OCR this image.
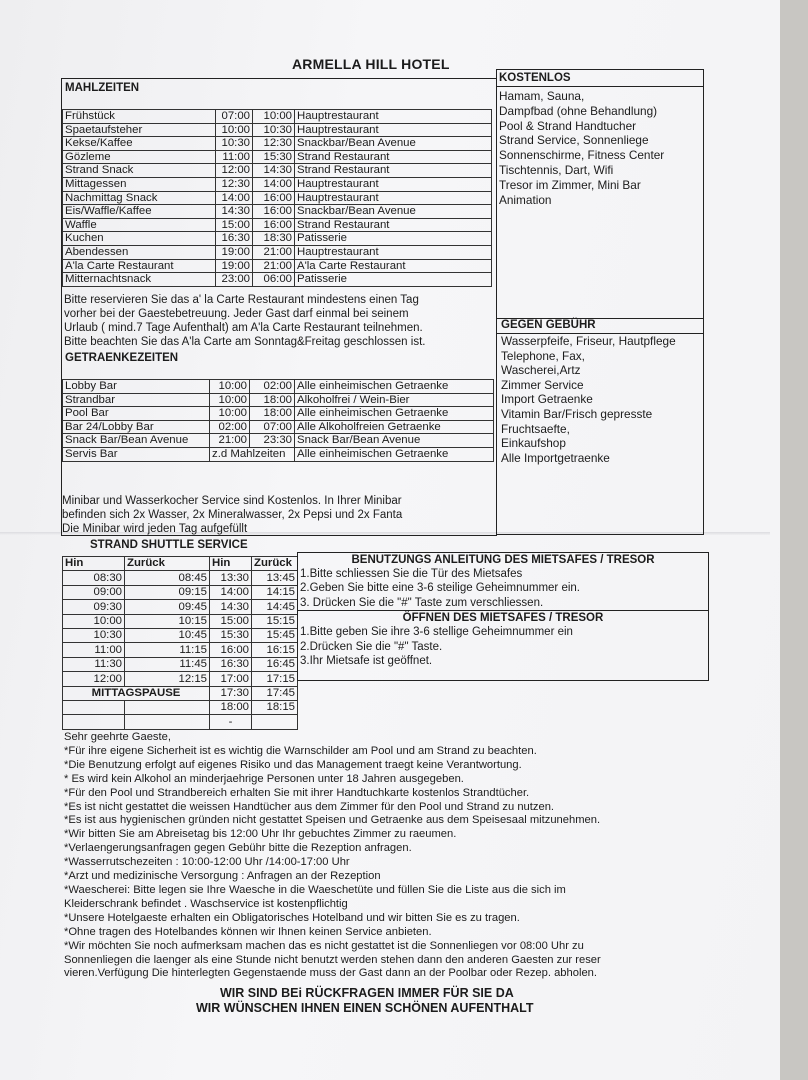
ARMELLA HILL HOTEL
MAHLZEITEN
Frühstück	07:00	10:00	Hauptrestaurant
Spaetaufsteher	10:00	10:30	Hauptrestaurant
Kekse/Kaffee	10:30	12:30	Snackbar/Bean Avenue
Gözleme	11:00	15:30	Strand Restaurant
Strand Snack	12:00	14:30	Strand Restaurant
Mittagessen	12:30	14:00	Hauptrestaurant
Nachmittag Snack	14:00	16:00	Hauptrestaurant
Eis/Waffle/Kaffee	14:30	16:00	Snackbar/Bean Avenue
Waffle	15:00	16:00	Strand Restaurant
Kuchen	16:30	18:30	Patisserie
Abendessen	19:00	21:00	Hauptrestaurant
A'la Carte Restaurant	19:00	21:00	A'la Carte Restaurant
Mitternachtsnack	23:00	06:00	Patisserie
Bitte reservieren Sie das a' la Carte Restaurant mindestens einen Tag
vorher bei der Gaestebetreuung. Jeder Gast darf einmal bei seinem
Urlaub ( mind.7 Tage Aufenthalt) am A'la Carte Restaurant teilnehmen.
Bitte beachten Sie das A'la Carte am Sonntag&Freitag geschlossen ist.
GETRAENKEZEITEN
Lobby Bar	10:00	02:00	Alle einheimischen Getraenke
Strandbar	10:00	18:00	Alkoholfrei / Wein-Bier
Pool Bar	10:00	18:00	Alle einheimischen Getraenke
Bar 24/Lobby Bar	02:00	07:00	Alle Alkoholfreien Getraenke
Snack Bar/Bean Avenue	21:00	23:30	Snack Bar/Bean Avenue
Servis Bar	z.d Mahlzeiten		Alle einheimischen Getraenke
Minibar und Wasserkocher Service sind Kostenlos. In Ihrer Minibar
befinden sich 2x Wasser, 2x Mineralwasser, 2x Pepsi und 2x Fanta
Die Minibar wird jeden Tag aufgefüllt
KOSTENLOS
Hamam, Sauna,
Dampfbad (ohne Behandlung)
Pool & Strand Handtucher
Strand Service, Sonnenliege
Sonnenschirme, Fitness Center
Tischtennis, Dart, Wifi
Tresor im Zimmer, Mini Bar
Animation
GEGEN GEBÜHR
Wasserpfeife, Friseur, Hautpflege
Telephone, Fax,
Wascherei,Artz
Zimmer Service
Import Getraenke
Vitamin Bar/Frisch gepresste
Fruchtsaefte,
Einkaufshop
Alle Importgetraenke
STRAND SHUTTLE SERVICE
Hin	Zurück	Hin	Zurück
08:30	08:45	13:30	13:45
09:00	09:15	14:00	14:15
09:30	09:45	14:30	14:45
10:00	10:15	15:00	15:15
10:30	10:45	15:30	15:45
11:00	11:15	16:00	16:15
11:30	11:45	16:30	16:45
12:00	12:15	17:00	17:15
MITTAGSPAUSE		17:30	17:45
		18:00	18:15
		-	
BENUTZUNGS ANLEITUNG DES MIETSAFES / TRESOR
1.Bitte schliessen Sie die Tür des Mietsafes
2.Geben Sie bitte eine 3-6 steilige Geheimnummer ein.
3. Drücken Sie die "#" Taste zum verschliessen.
ÖFFNEN DES MIETSAFES / TRESOR
1.Bitte geben Sie ihre 3-6 stellige Geheimnummer ein
2.Drücken Sie die "#" Taste.
3.Ihr Mietsafe ist geöffnet.
Sehr geehrte Gaeste,
*Für ihre eigene Sicherheit ist es wichtig die Warnschilder am Pool und am Strand zu beachten.
*Die Benutzung erfolgt auf eigenes Risiko und das Management traegt keine Verantwortung.
* Es wird kein Alkohol an minderjaehrige Personen unter 18 Jahren ausgegeben.
*Für den Pool und Strandbereich erhalten Sie mit ihrer Handtuchkarte kostenlos Strandtücher.
*Es ist nicht gestattet die weissen Handtücher aus dem Zimmer für den Pool und Strand zu nutzen.
*Es ist aus hygienischen gründen nicht gestattet Speisen und Getraenke aus dem Speisesaal mitzunehmen.
*Wir bitten Sie am Abreisetag bis 12:00 Uhr Ihr gebuchtes Zimmer zu raeumen.
*Verlaengerungsanfragen gegen Gebühr bitte die Rezeption anfragen.
*Wasserrutschezeiten : 10:00-12:00 Uhr /14:00-17:00 Uhr
*Arzt und medizinische Versorgung : Anfragen an der Rezeption
*Waescherei: Bitte legen sie Ihre Waesche in die Waeschetüte und füllen Sie die Liste aus die sich im
Kleiderschrank befindet . Waschservice ist kostenpflichtig
*Unsere Hotelgaeste erhalten ein Obligatorisches Hotelband und wir bitten Sie es zu tragen.
*Ohne tragen des Hotelbandes können wir Ihnen keinen Service anbieten.
*Wir möchten Sie noch aufmerksam machen das es nicht gestattet ist die Sonnenliegen vor 08:00 Uhr zu
Sonnenliegen die laenger als eine Stunde nicht benutzt werden stehen dann den anderen Gaesten zur reser
vieren.Verfügung Die hinterlegten Gegenstaende muss der Gast dann an der Poolbar oder Rezep. abholen.
WIR SIND BEi RÜCKFRAGEN IMMER FÜR SIE DA
WIR WÜNSCHEN IHNEN EINEN SCHÖNEN AUFENTHALT
